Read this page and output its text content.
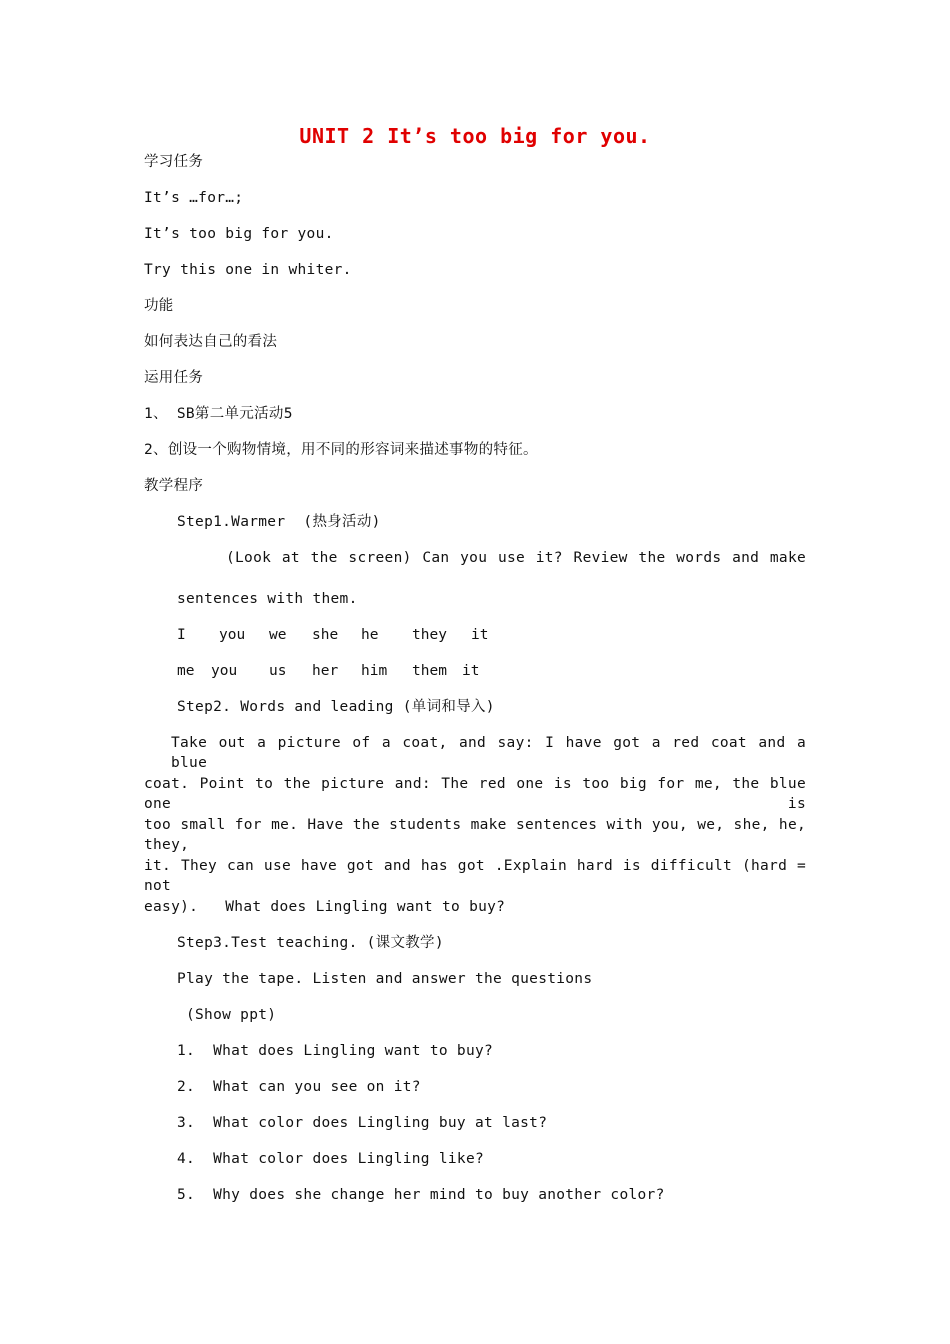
UNIT 2 It’s too big for you.
学习任务
It’s …for…;
It’s too big for you.
Try this one in whiter.
功能
如何表达自己的看法
运用任务
1、 SB第二单元活动5
2、创设一个购物情境，用不同的形容词来描述事物的特征。
教学程序
Step1.Warmer  (热身活动)
(Look at the screen) Can you use it? Review the words and make
sentences with them.
I you we she he they it
me you us her him them it
Step2. Words and leading (单词和导入)
Take out a picture of a coat, and say: I have got a red coat and a blue
coat. Point to the picture and: The red one is too big for me, the blue one is
too small for me. Have the students make sentences with you, we, she, he, they,
it. They can use have got and has got .Explain hard is difficult (hard = not
easy).   What does Lingling want to buy?
Step3.Test teaching. (课文教学)
Play the tape. Listen and answer the questions
(Show ppt)
1.  What does Lingling want to buy?
2.  What can you see on it?
3.  What color does Lingling buy at last?
4.  What color does Lingling like?
5.  Why does she change her mind to buy another color?
